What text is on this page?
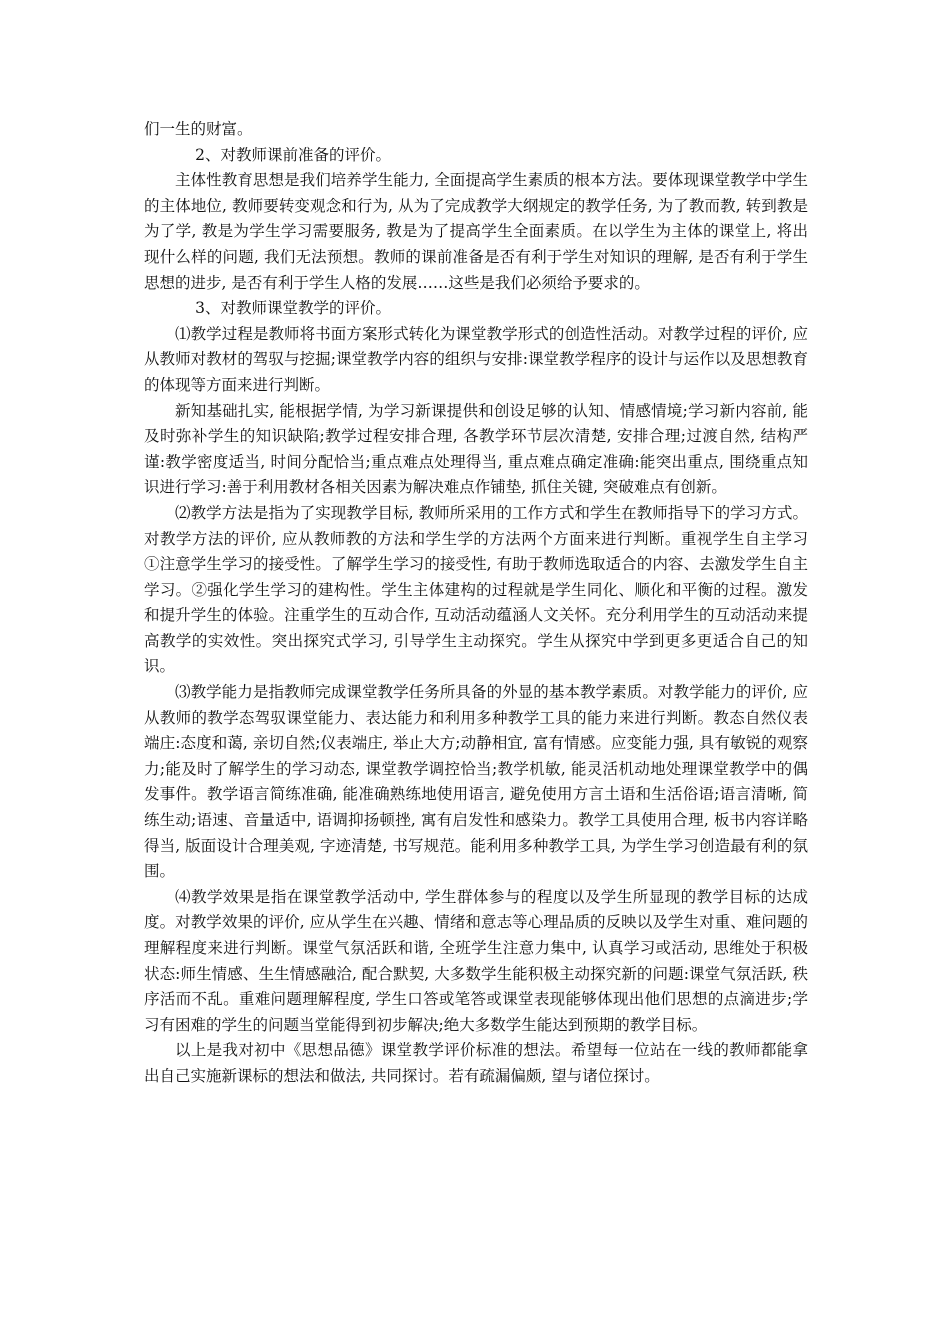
们一生的财富。

2、对教师课前准备的评价。

主体性教育思想是我们培养学生能力, 全面提高学生素质的根本方法。要体现课堂教学中学生的主体地位, 教师要转变观念和行为, 从为了完成教学大纲规定的教学任务, 为了教而教, 转到教是为了学, 教是为学生学习需要服务, 教是为了提高学生全面素质。在以学生为主体的课堂上, 将出现什么样的问题, 我们无法预想。教师的课前准备是否有利于学生对知识的理解, 是否有利于学生思想的进步, 是否有利于学生人格的发展……这些是我们必须给予要求的。

3、对教师课堂教学的评价。

⑴教学过程是教师将书面方案形式转化为课堂教学形式的创造性活动。对教学过程的评价, 应从教师对教材的驾驭与挖掘;课堂教学内容的组织与安排:课堂教学程序的设计与运作以及思想教育的体现等方面来进行判断。

新知基础扎实, 能根据学情, 为学习新课提供和创设足够的认知、情感情境;学习新内容前, 能及时弥补学生的知识缺陷;教学过程安排合理, 各教学环节层次清楚, 安排合理;过渡自然, 结构严谨:教学密度适当, 时间分配恰当;重点难点处理得当, 重点难点确定准确:能突出重点, 围绕重点知识进行学习:善于利用教材各相关因素为解决难点作铺垫, 抓住关键, 突破难点有创新。

⑵教学方法是指为了实现教学目标, 教师所采用的工作方式和学生在教师指导下的学习方式。对教学方法的评价, 应从教师教的方法和学生学的方法两个方面来进行判断。重视学生自主学习 ①注意学生学习的接受性。了解学生学习的接受性, 有助于教师选取适合的内容、去激发学生自主学习。②强化学生学习的建构性。学生主体建构的过程就是学生同化、顺化和平衡的过程。激发和提升学生的体验。注重学生的互动合作, 互动活动蕴涵人文关怀。充分利用学生的互动活动来提高教学的实效性。突出探究式学习, 引导学生主动探究。学生从探究中学到更多更适合自己的知识。

⑶教学能力是指教师完成课堂教学任务所具备的外显的基本教学素质。对教学能力的评价, 应从教师的教学态驾驭课堂能力、表达能力和利用多种教学工具的能力来进行判断。教态自然仪表端庄:态度和蔼, 亲切自然;仪表端庄, 举止大方;动静相宜, 富有情感。应变能力强, 具有敏锐的观察力;能及时了解学生的学习动态, 课堂教学调控恰当;教学机敏, 能灵活机动地处理课堂教学中的偶发事件。教学语言简练准确, 能准确熟练地使用语言, 避免使用方言土语和生活俗语;语言清晰, 简练生动;语速、音量适中, 语调抑扬顿挫, 寓有启发性和感染力。教学工具使用合理, 板书内容详略得当, 版面设计合理美观, 字迹清楚, 书写规范。能利用多种教学工具, 为学生学习创造最有利的氛围。

⑷教学效果是指在课堂教学活动中, 学生群体参与的程度以及学生所显现的教学目标的达成度。对教学效果的评价, 应从学生在兴趣、情绪和意志等心理品质的反映以及学生对重、难问题的理解程度来进行判断。课堂气氛活跃和谐, 全班学生注意力集中, 认真学习或活动, 思维处于积极状态:师生情感、生生情感融洽, 配合默契, 大多数学生能积极主动探究新的问题:课堂气氛活跃, 秩序活而不乱。重难问题理解程度, 学生口答或笔答或课堂表现能够体现出他们思想的点滴进步;学习有困难的学生的问题当堂能得到初步解决;绝大多数学生能达到预期的教学目标。

以上是我对初中《思想品德》课堂教学评价标准的想法。希望每一位站在一线的教师都能拿出自己实施新课标的想法和做法, 共同探讨。若有疏漏偏颇, 望与诸位探讨。
